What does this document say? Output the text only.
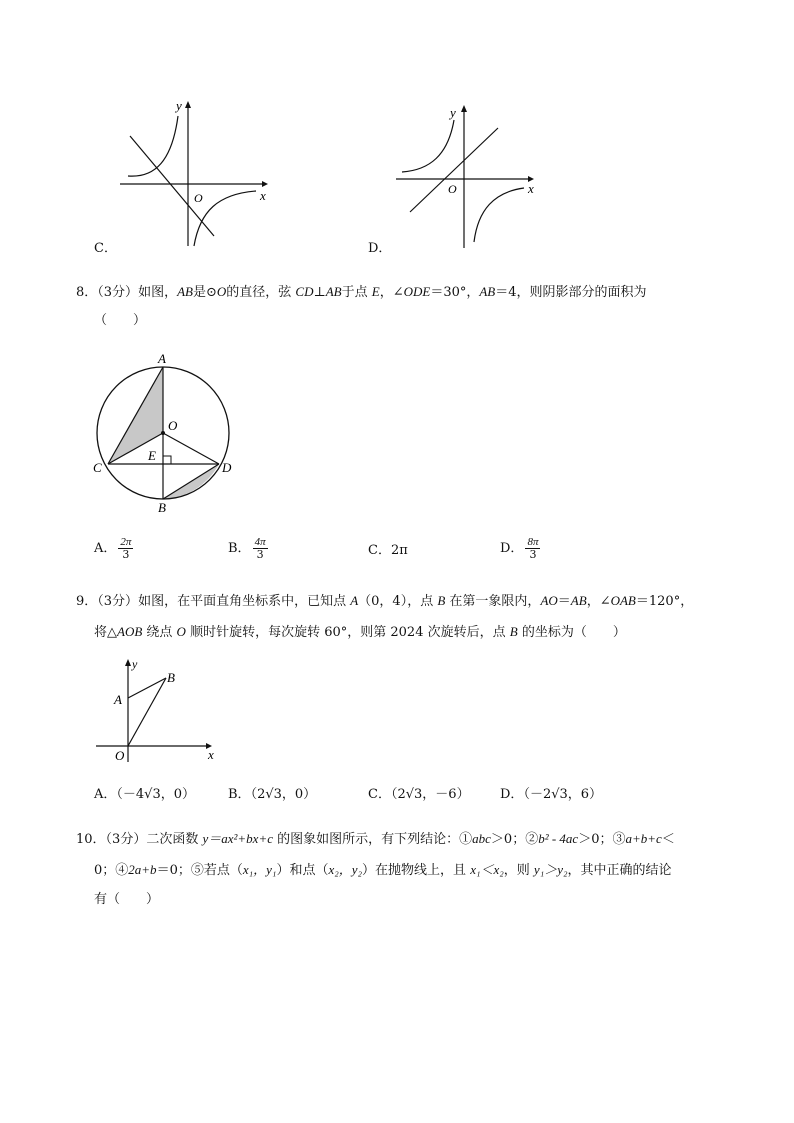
y
x
O
C．
y
x
O
D．
8．（3分）如图，AB是⊙O的直径，弦 CD⊥AB于点 E，∠ODE＝30°，AB＝4，则阴影部分的面积为
（　　）
A
O
E
C	D
B
A． $\frac{2\pi}{3}$	B． $\frac{4\pi}{3}$	C．2π	D． $\frac{8\pi}{3}$
9．（3分）如图，在平面直角坐标系中，已知点 A（0，4），点 B 在第一象限内，AO＝AB，∠OAB＝120°，
将△AOB 绕点 O 顺时针旋转，每次旋转 60°，则第 2024 次旋转后，点 B 的坐标为（　　）
y
B
A
O	x
A．（－4√3，0）	B．（2√3，0）	C．（2√3，－6） D．（－2√3，6）
10．（3分）二次函数 y＝ax²+bx+c 的图象如图所示，有下列结论：①abc＞0；②b² - 4ac＞0；③a+b+c＜
0；④2a+b＝0；⑤若点（x₁，y₁）和点（x₂，y₂）在抛物线上，且 x₁＜x₂，则 y₁＞y₂，其中正确的结论
有（　　）
